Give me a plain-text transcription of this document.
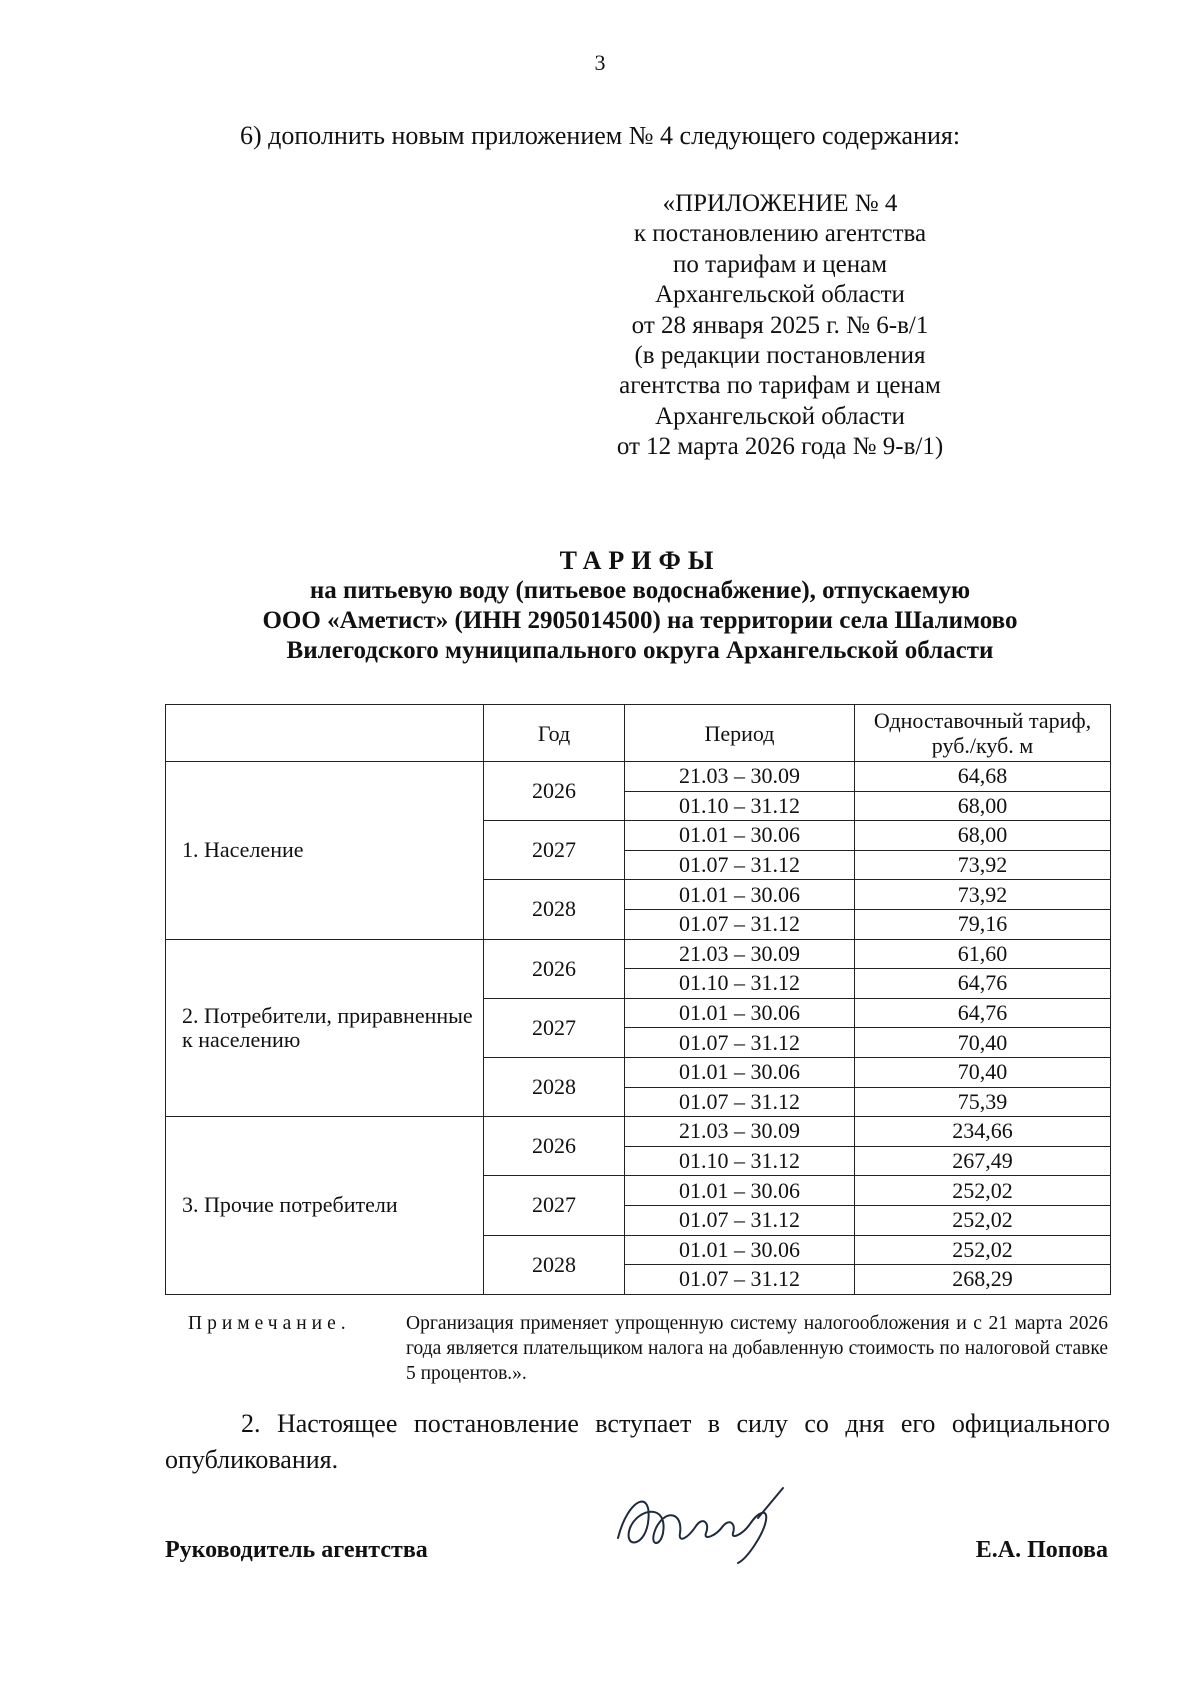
3
6) дополнить новым приложением № 4 следующего содержания:
«ПРИЛОЖЕНИЕ № 4
к постановлению агентства
по тарифам и ценам
Архангельской области
от 28 января 2025 г. № 6-в/1
(в редакции постановления
агентства по тарифам и ценам
Архангельской области
от 12 марта 2026 года № 9-в/1)
ТАРИФЫ
на питьевую воду (питьевое водоснабжение), отпускаемую
ООО «Аметист» (ИНН 2905014500) на территории села Шалимово
Вилегодского муниципального округа Архангельской области
	Год	Период	Одноставочный тариф, руб./куб. м
1. Население	2026	21.03 – 30.09	64,68
		01.10 – 31.12	68,00
	2027	01.01 – 30.06	68,00
		01.07 – 31.12	73,92
	2028	01.01 – 30.06	73,92
		01.07 – 31.12	79,16
2. Потребители, приравненные к населению	2026	21.03 – 30.09	61,60
		01.10 – 31.12	64,76
	2027	01.01 – 30.06	64,76
		01.07 – 31.12	70,40
	2028	01.01 – 30.06	70,40
		01.07 – 31.12	75,39
3. Прочие потребители	2026	21.03 – 30.09	234,66
		01.10 – 31.12	267,49
	2027	01.01 – 30.06	252,02
		01.07 – 31.12	252,02
	2028	01.01 – 30.06	252,02
		01.07 – 31.12	268,29
Примечание.	Организация применяет упрощенную систему налогообложения и с 21 марта 2026 года является плательщиком налога на добавленную стоимость по налоговой ставке 5 процентов.».
2. Настоящее постановление вступает в силу со дня его официального опубликования.
Руководитель агентства	Е.А. Попова
